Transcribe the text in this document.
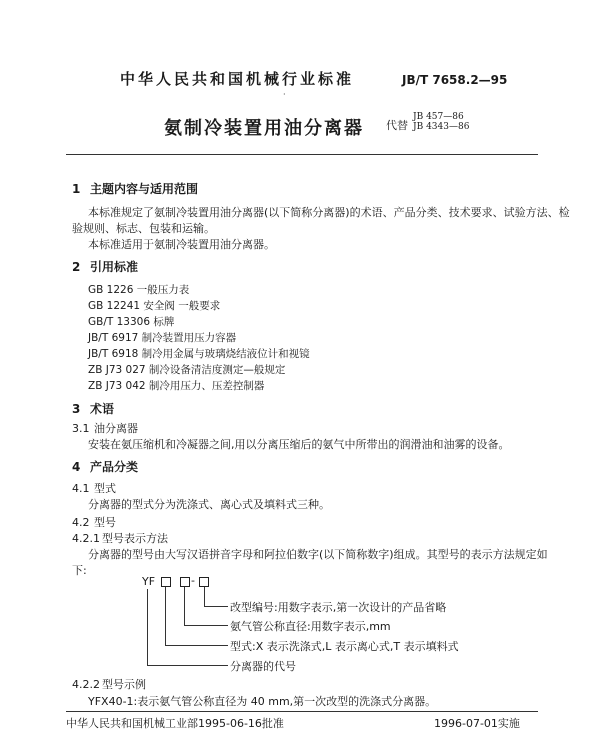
中华人民共和国机械行业标准	JB/T 7658.2—95
·
氨制冷装置用油分离器 代替
JB 457—86
JB 4343—86
1 主题内容与适用范围
本标准规定了氨制冷装置用油分离器(以下简称分离器)的术语、产品分类、技术要求、试验方法、检
验规则、标志、包装和运输。
本标准适用于氨制冷装置用油分离器。
2 引用标准
GB 1226 一般压力表
GB 12241 安全阀 一般要求
GB/T 13306 标牌
JB/T 6917 制冷装置用压力容器
JB/T 6918 制冷用金属与玻璃烧结液位计和视镜
ZB J73 027 制冷设备清洁度测定—般规定
ZB J73 042 制冷用压力、压差控制器
3 术语
3.1 油分离器
安装在氨压缩机和冷凝器之间,用以分离压缩后的氨气中所带出的润滑油和油雾的设备。
4 产品分类
4.1 型式
分离器的型式分为洗涤式、离心式及填料式三种。
4.2 型号
4.2.1 型号表示方法
分离器的型号由大写汉语拼音字母和阿拉伯数字(以下简称数字)组成。其型号的表示方法规定如
下:
YF	-
改型编号:用数字表示,第一次设计的产品省略
氨气管公称直径:用数字表示,mm
型式:X 表示洗涤式,L 表示离心式,T 表示填料式
分离器的代号
4.2.2 型号示例
YFX40-1:表示氨气管公称直径为 40 mm,第一次改型的洗涤式分离器。
中华人民共和国机械工业部1995-06-16批准	1996-07-01实施
